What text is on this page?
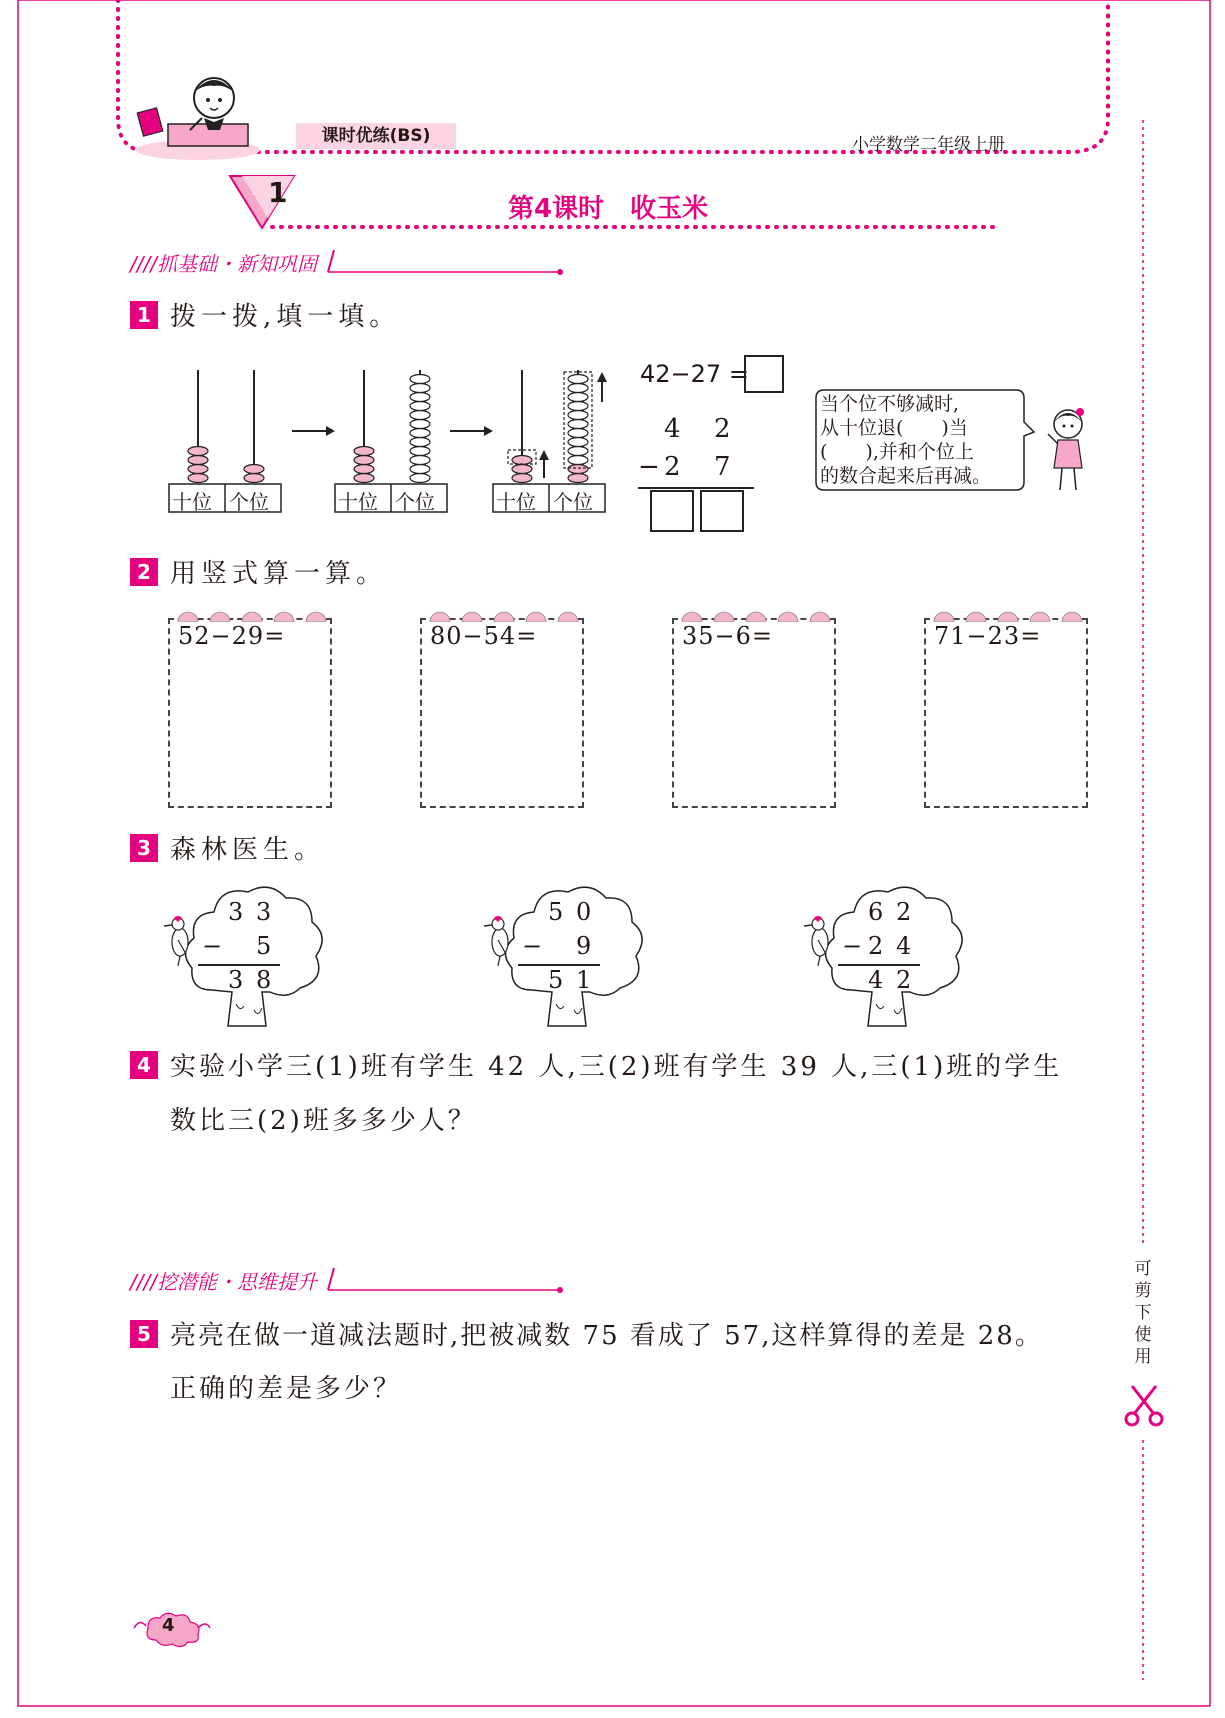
课时优练(BS)	小学数学二年级上册
1	第4课时　收玉米
////抓基础・新知巩固
1 拨一拨,填一填。
十位 个位	十位 个位	十位 个位
42−27 =
4 2
− 2 7
当个位不够减时,
从十位退(　　)当
(　　),并和个位上
的数合起来后再减。
2 用竖式算一算。
52−29=	80−54=	35−6=	71−23=
3 森林医生。
3 3
− 5
3 8
5 0
− 9
5 1
6 2
− 2 4
4 2
4 实验小学三(1)班有学生 42 人,三(2)班有学生 39 人,三(1)班的学生
数比三(2)班多多少人？
////挖潜能・思维提升
5 亮亮在做一道减法题时,把被减数 75 看成了 57,这样算得的差是 28。
正确的差是多少？
可
剪
下
使
用
4
